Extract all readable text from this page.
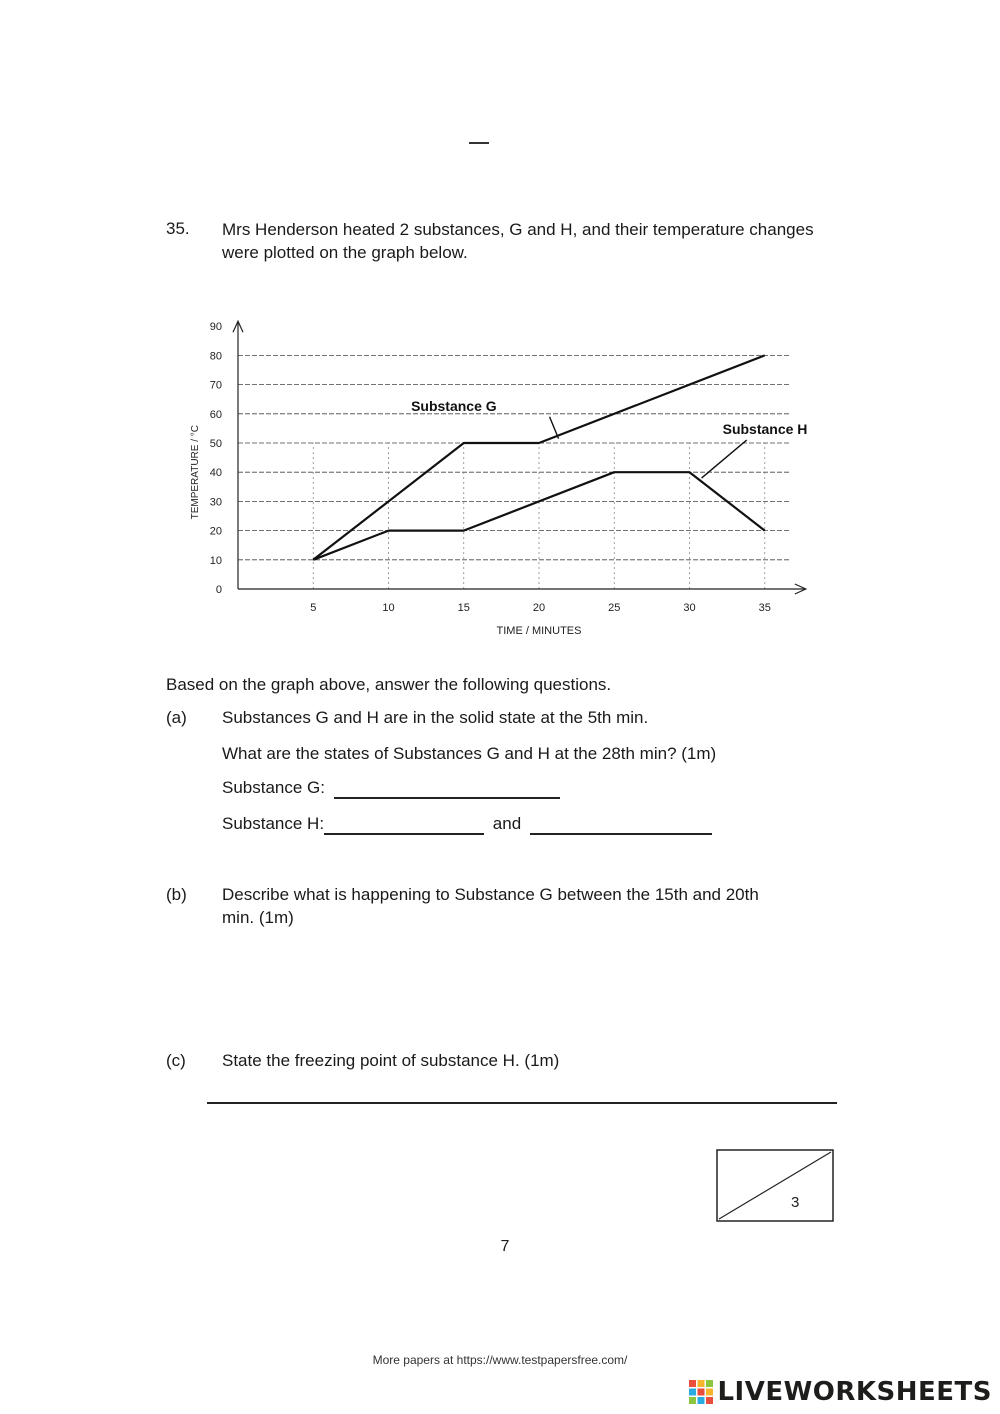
35. Mrs Henderson heated 2 substances, G and H, and their temperature changes were plotted on the graph below.
0
10
20
30
40
50
60
70
80
90
5	10	15	20	25	30	35
TIME / MINUTES
TEMPERATURE / °C
Substance G
Substance H
Based on the graph above, answer the following questions.
(a) Substances G and H are in the solid state at the 5th min.
What are the states of Substances G and H at the 28th min? (1m)
Substance G:
Substance H:	and
(b) Describe what is happening to Substance G between the 15th and 20th
min. (1m)
(c) State the freezing point of substance H. (1m)
3
7
More papers at https://www.testpapersfree.com/
LIVEWORKSHEETS
